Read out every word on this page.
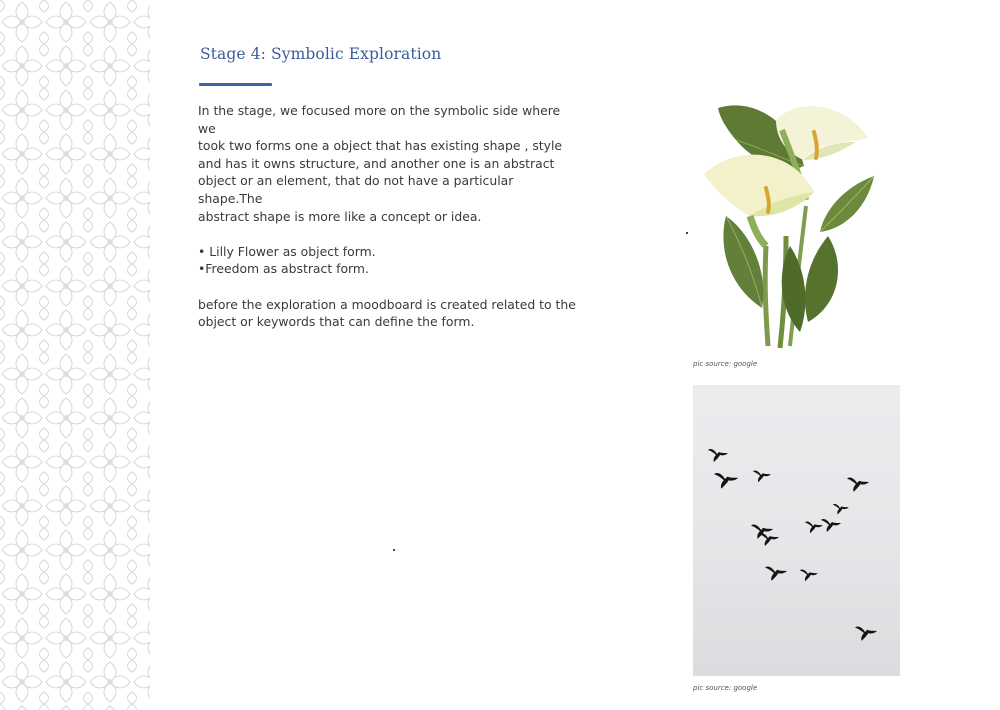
Stage 4: Symbolic Exploration

In the stage, we focused more on the symbolic side where we

took two forms one a object that has existing shape , style

and has it owns structure, and another one is an abstract

object or an element, that do not have a particular shape.The

abstract shape is more like a concept or idea.

• Lilly Flower as object form.

•Freedom as abstract form.

before the exploration a moodboard is created related to the

object or keywords that can define the form.

pic source: google
pic source: google
